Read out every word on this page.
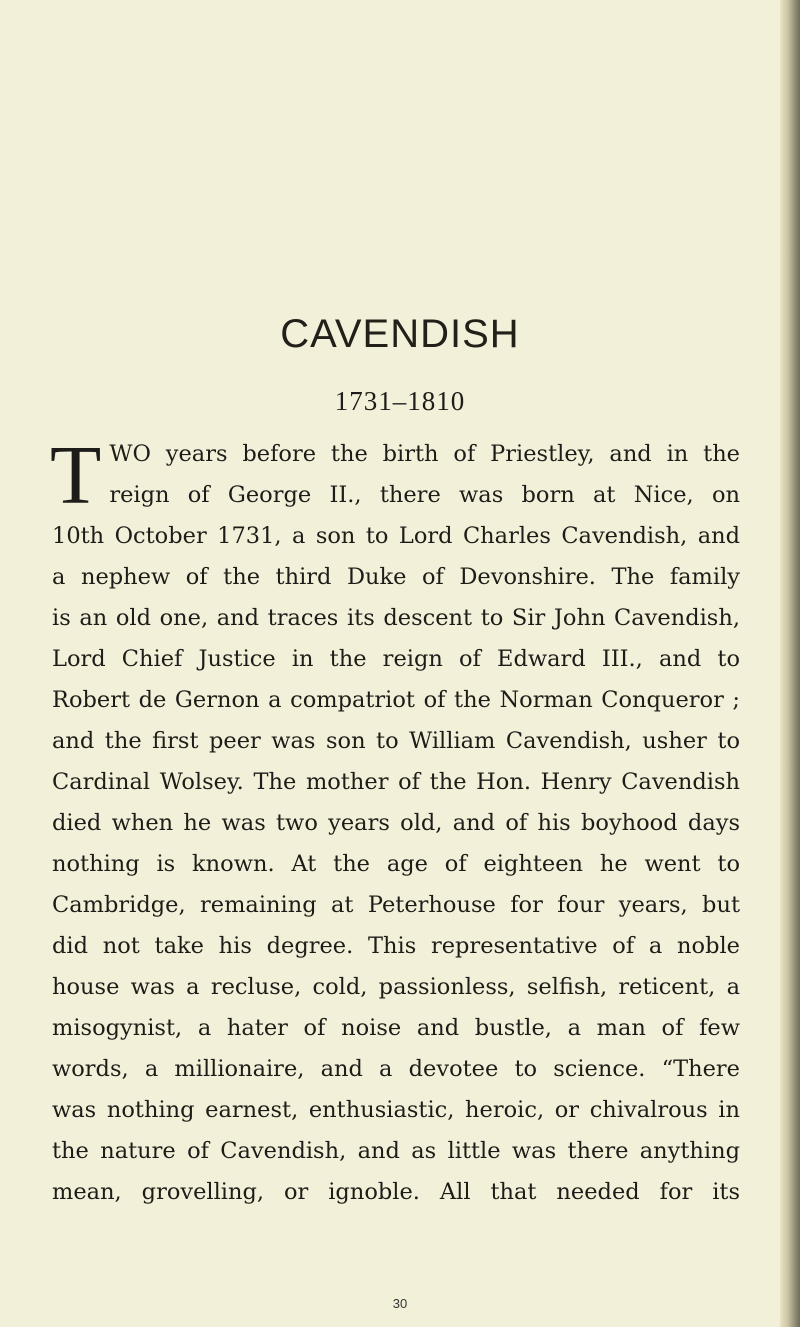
CAVENDISH
1731–1810
T WO years before the birth of Priestley, and in the
reign of George II., there was born at Nice, on
10th October 1731, a son to Lord Charles Cavendish, and
a nephew of the third Duke of Devonshire. The family
is an old one, and traces its descent to Sir John Cavendish,
Lord Chief Justice in the reign of Edward III., and to
Robert de Gernon a compatriot of the Norman Conqueror ;
and the first peer was son to William Cavendish, usher to
Cardinal Wolsey. The mother of the Hon. Henry Cavendish
died when he was two years old, and of his boyhood days
nothing is known. At the age of eighteen he went to
Cambridge, remaining at Peterhouse for four years, but
did not take his degree. This representative of a noble
house was a recluse, cold, passionless, selfish, reticent, a
misogynist, a hater of noise and bustle, a man of few
words, a millionaire, and a devotee to science. “There
was nothing earnest, enthusiastic, heroic, or chivalrous in
the nature of Cavendish, and as little was there anything
mean, grovelling, or ignoble. All that needed for its
30
